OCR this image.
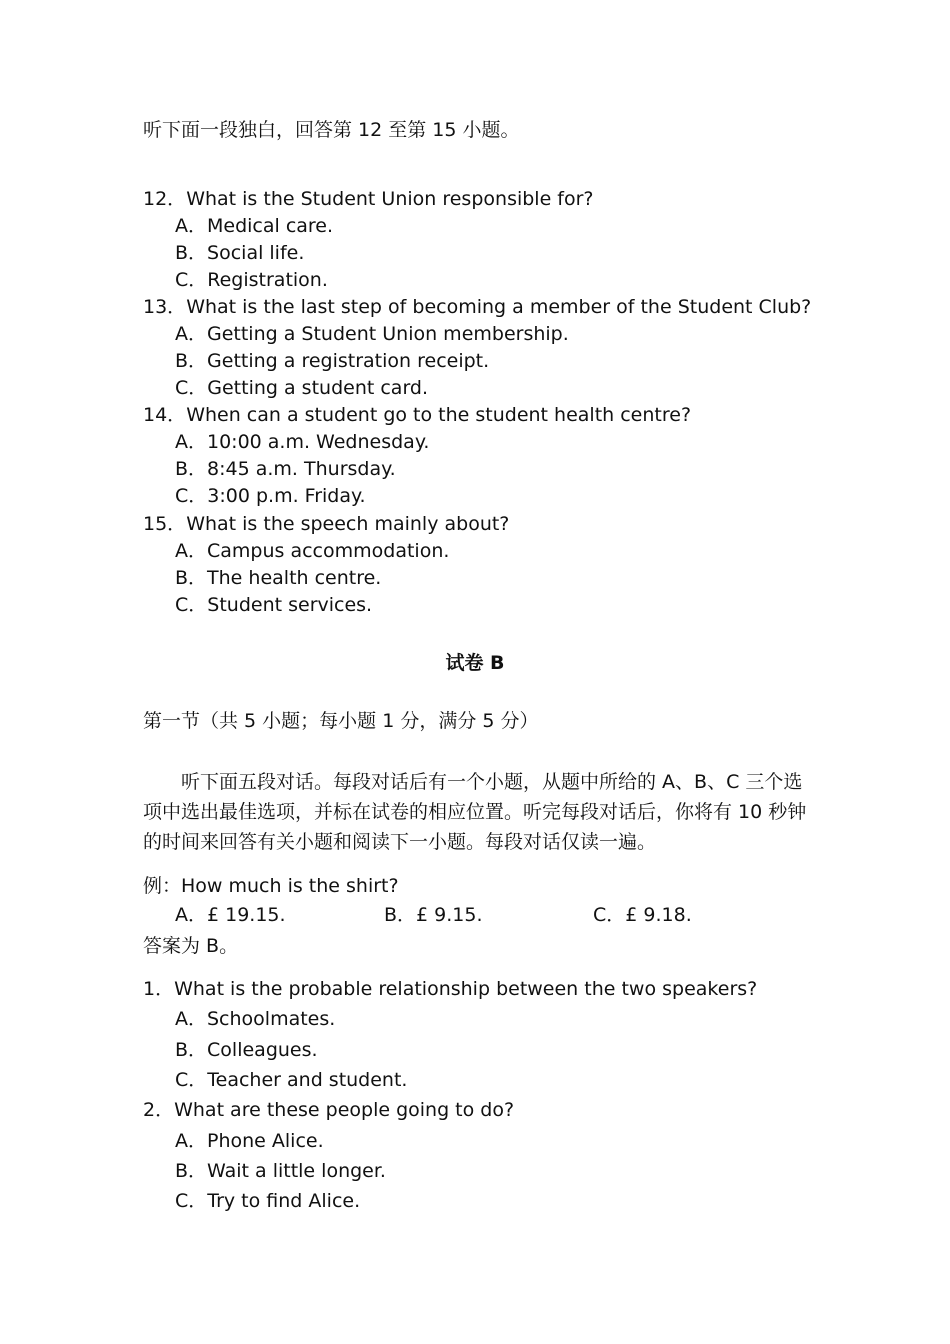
听下面一段独白，回答第 12 至第 15 小题。
12．What is the Student Union responsible for?
A．Medical care.
B．Social life.
C．Registration.
13．What is the last step of becoming a member of the Student Club?
A．Getting a Student Union membership.
B．Getting a registration receipt.
C．Getting a student card.
14．When can a student go to the student health centre?
A．10:00 a.m. Wednesday.
B．8:45 a.m. Thursday.
C．3:00 p.m. Friday.
15．What is the speech mainly about?
A．Campus accommodation.
B．The health centre.
C．Student services.
试卷 B
第一节（共 5 小题；每小题 1 分，满分 5 分）
听下面五段对话。每段对话后有一个小题，从题中所给的 A、B、C 三个选项中选出最佳选项，并标在试卷的相应位置。听完每段对话后，你将有 10 秒钟的时间来回答有关小题和阅读下一小题。每段对话仅读一遍。
例：How much is the shirt?
A．£ 19.15.	B．£ 9.15.	C．£ 9.18.
答案为 B。
1．What is the probable relationship between the two speakers?
A．Schoolmates.
B．Colleagues.
C．Teacher and student.
2．What are these people going to do?
A．Phone Alice.
B．Wait a little longer.
C．Try to find Alice.
